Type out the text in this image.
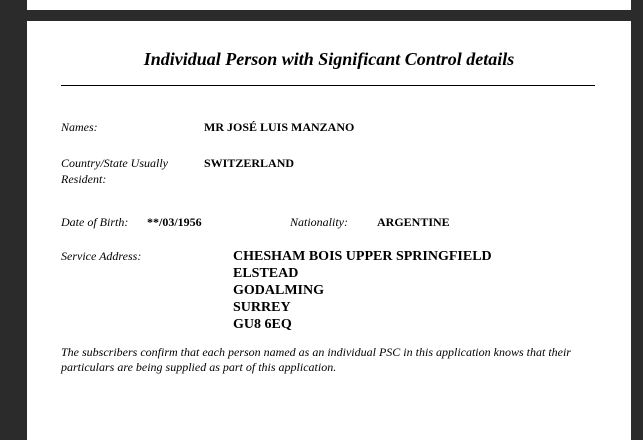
Individual Person with Significant Control details
Names:	MR JOSÉ LUIS MANZANO
Country/State Usually
Resident:
SWITZERLAND
Date of Birth: **/03/1956	Nationality: ARGENTINE
Service Address:	CHESHAM BOIS UPPER SPRINGFIELD
ELSTEAD
GODALMING
SURREY
GU8 6EQ
The subscribers confirm that each person named as an individual PSC in this application knows that their
particulars are being supplied as part of this application.
